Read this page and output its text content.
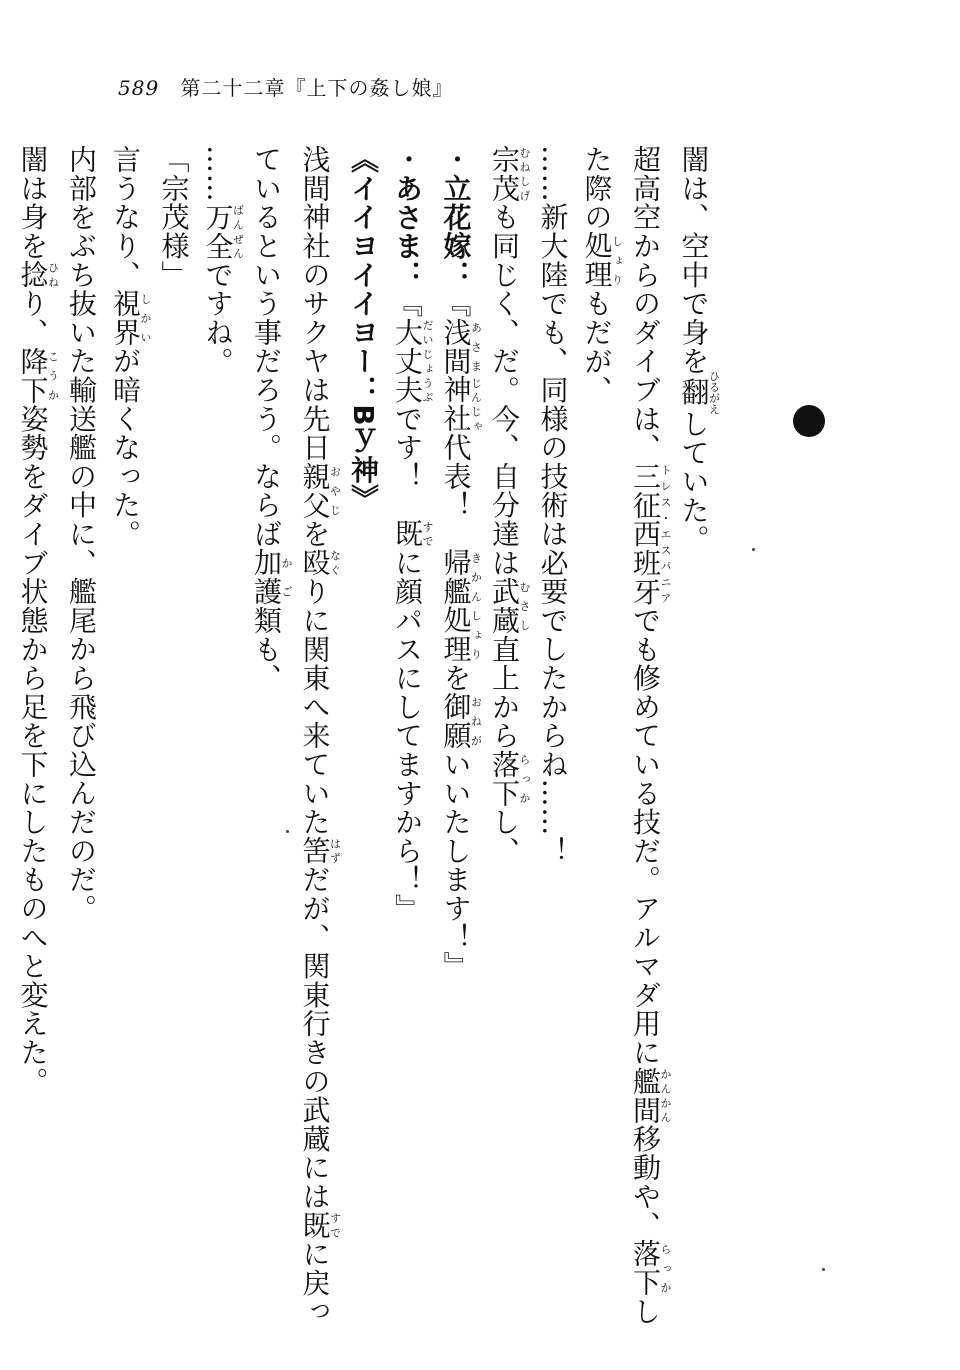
589 第二十二章『上下の姦し娘』
闇は、空中で身を翻ひるがえしていた。
超高空からのダイブは、三征西班牙トレス・エスパニアでも修めている技だ。アルマダ用に艦間かんかん移動や、落下らっかし
た際の処理しょりもだが、
……新大陸でも、同様の技術は必要でしたからね……！
宗茂むねしげも同じく、だ。今、自分達は武蔵むさし直上から落下らっかし、
・立花嫁：『浅間あさま神社じんじゃ代表！　帰艦処理きかんしょりを御願おねがいいたします！』
・あさま：『大丈夫だいじょうぶです！　既すでに顔パスにしてますから！』
《イイヨイイヨー：Bｙ神》
浅間神社のサクヤは先日親父おやじを殴なぐりに関東へ来ていた筈はずだが、関東行きの武蔵には既すでに戻っ
ているという事だろう。ならば加護かご類も、
……万全ばんぜんですね。
「宗茂様」
言うなり、視界しかいが暗くなった。
内部をぶち抜いた輸送艦の中に、艦尾から飛び込んだのだ。
闇は身を捻ひねり、降下こうか姿勢をダイブ状態から足を下にしたものへと変えた。
